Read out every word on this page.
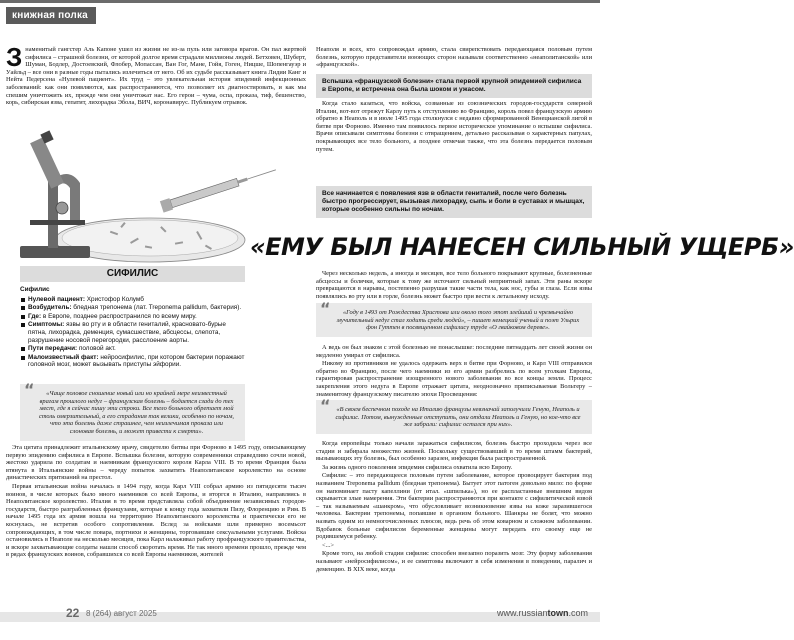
книжная полка
З наменитый гангстер Аль Капоне ушел из жизни не из-за пуль или заговора врагов. Он пал жертвой сифилиса – страшной болезни, от которой долгое время страдали миллионы людей. Бетховен, Шуберт, Шуман, Бодлер, Достоевский, Флобер, Мопассан, Ван Гог, Мане, Гойя, Гоген, Ницше, Шопенгауэр и Уайльд – все они в разные годы пытались излечиться от него. Об их судьбе рассказывает книга Лидии Канг и Нейта Педерсена «Нулевой пациент». Их труд – это увлекательная история эпидемий инфекционных заболеваний: как они появляются, как распространяются, что позволяет их диагностировать, и как мы спешим уничтожить их, прежде чем они уничтожат нас. Его герои – чума, оспа, проказа, тиф, бешенство, корь, сибирская язва, гепатит, лихорадка Эбола, ВИЧ, коронавирус. Публикуем отрывок.
«ЕМУ БЫЛ НАНЕСЕН СИЛЬНЫЙ УЩЕРБ»

Неаполя и всех, кто сопровождал армию, стала свирепствовать передающаяся половым путем болезнь, которую представители воюющих сторон называли соответственно «неаполитанской» или «французской».

Вспышка «французской болезни» стала первой крупной эпидемией сифилиса в Европе, и встречена она была шоком и ужасом.

Когда стало казаться, что войска, созванные из союзнических городов-государств северной Италии, вот-вот отрежут Карлу путь к отступлению во Францию, король повел французскую армию обратно в Неаполь и в июле 1495 года столкнулся с недавно сформированной Венецианской лигой в битве при Форново. Именно там появилось первое историческое упоминание о вспышке сифилиса. Врачи описывали симптомы болезни с отвращением, детально рассказывая о характерных папулах, покрывающих все тело больного, а позднее отмечая также, что эта болезнь передается половым путем.

Все начинается с появления язв в области гениталий, после чего болезнь быстро прогрессирует, вызывая лихорадку, сыпь и боли в суставах и мышцах, которые особенно сильны по ночам.
СИФИЛИС
Сифилис
Нулевой пациент: Христофор Колумб
Возбудитель: бледная трепонема (лат. Treponema pallidum, бактерия).
Где: в Европе, позднее распространился по всему миру.
Симптомы: язвы во рту и в области гениталий, красновато-бурые пятна, лихорадка, деменция, сумасшествие, абсцессы, слепота, разрушение носовой перегородки, расслоение аорты.
Пути передачи: половой акт.
Малоизвестный факт: нейросифилис, при котором бактерии поражают головной мозг, может вызывать приступы эйфории.
“ «Чаще половое сношение новый или но крайней мере неизвестный врагам прошлого недуг – французская болезнь – бодается сзади до тех мест, где я сейчас пишу эти строки. Все тело больного обретает мой столь омерзительный, а его страдания так велики, особенно по ночам, что эта болезнь даже страшнее, чем неизлечимая проказа или слоновая болезнь, и может привести к смерти».

Эта цитата принадлежит итальянскому врачу, свидетелю битвы при Форново в 1495 году, описывающему первую эпидемию сифилиса в Европе. Вспышка болезни, которую современники справедливо сочли новой, жестоко ударила по солдатам и наемникам французского короля Карла VIII. В то время Франция была втянута в Итальянские войны – череду попыток захватить Неаполитанское королевство на основе династических притязаний на престол.

Первая итальянская война началась в 1494 году, когда Карл VIII собрал армию из пятидесяти тысяч воинов, в числе которых было много наемников со всей Европы, и вторгся в Италию, направляясь в Неаполитанское королевство. Италия в то время представляла собой объединение независимых городов-государств, быстро разграбленных французами, которые к концу года захватили Пизу, Флоренцию и Рим. В начале 1495 года их армия вошла на территорию Неаполитанского королевства и практически его не коснулась, не встретив особого сопротивления. Вслед за войсками шли примерно восемьсот сопровождающих, в том числе повара, портнихи и женщины, торговавшие сексуальными услугами. Войска остановились в Неаполе на несколько месяцев, пока Карл налаживал работу профранцузского правительства, и вскоре захватывающие солдаты нашли способ скоротать время. Не так много времени прошло, прежде чем в рядах французских воинов, собравшихся со всей Европы наемников, жителей

Через несколько недель, а иногда и месяцев, все тело больного покрывают крупные, болезненные абсцессы и болячки, которые к тому же источают сильный неприятный запах. Эти раны вскоре превращаются в нарывы, постепенно разрушая такие части тела, как нос, губы и глаза. Если язвы появлялись во рту или в горле, болезнь может быстро при вести к летальному исходу.

“ «Году в 1493 от Рождества Христова или около того этот злейший и чрезвычайно мучительный недуг стал ходить среди людей», – пишет немецкий ученый и поэт Ульрих фон Гуттен в посвященном сифилису труде «О гвайковом дереве».

А ведь он был знаком с этой болезнью не понаслышке: последние пятнадцать лет своей жизни он медленно умирал от сифилиса.

Никому из противников не удалось одержать верх в битве при Форново, и Карл VIII отправился обратно во Францию, после чего наемники из его армии разбрелись по всем уголкам Европы, гарантировав распространение изощренного нового заболевания во все концы земли. Процесс закрепления этого недуга в Европе отражает цитата, неоднозначно приписываемая Вольтеру – знаменитому французскому писателю эпохи Просвещения:

“ «В своем беспечном походе на Италию французы невзначай заполучили Геную, Неаполь и сифилис. Потом, вынужденные отступить, они отдали Неаполь и Геную, но кое-что все же забрали: сифилис остался при них».

Когда европейцы только начали заражаться сифилисом, болезнь быстро проходила через все стадии и забирала множество жизней. Поскольку существовавший в то время штамм бактерий, вызывающих эту болезнь, был особенно заразен, инфекция была распространенной.

За жизнь одного поколения эпидемия сифилиса охватила всю Европу.

Сифилис – это передающееся половым путем заболевание, которое провоцирует бактерия под названием Treponema pallidum (бледная трепонема). Бытует этот патоген довольно мило: по форме он напоминает пасту капеллини (от итал. «шпилька»), но ее распластанные внешним видом скрывается злые намерения. Эти бактерии распространяются при контакте с сифилитической язвой – так называемым «шанкром», что обусловливает возникновение язвы на коже заразившегося человека. Бактерии трепонемы, попавшие в организм больного. Шанкры не болят, что можно назвать одним из немногочисленных плюсов, ведь речь об этом коварном и сложном заболевании. Вдобавок больные сифилисом беременные женщины могут передать его своему еще не родившемуся ребенку.

<...>

Кроме того, на любой стадии сифилис способен внезапно поразить мозг. Эту форму заболевания называют «нейросифилисом», и ее симптомы включают в себя изменения в поведении, паралич и деменцию. В XIX веке, когда

22 8 (264) август 2025	www.russiantown.com
